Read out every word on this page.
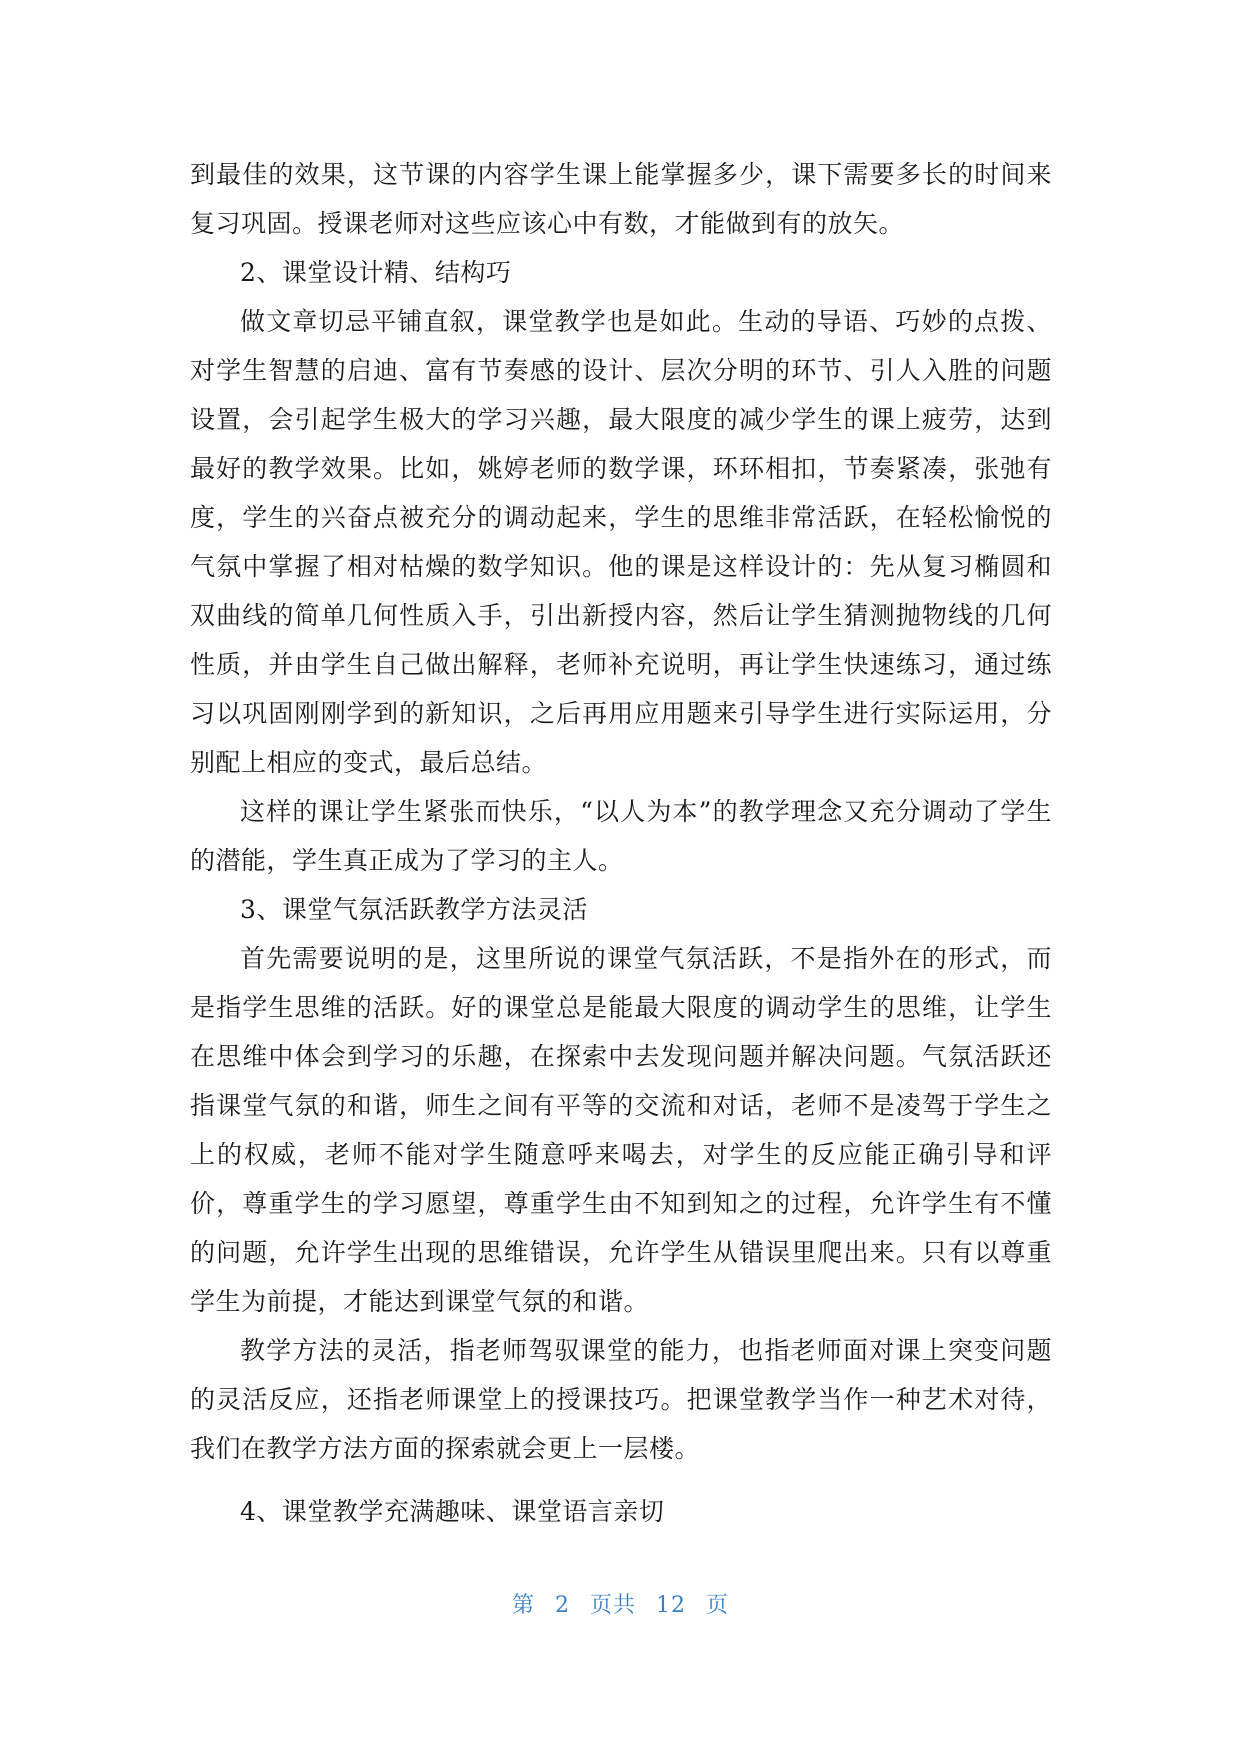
到最佳的效果，这节课的内容学生课上能掌握多少，课下需要多长的时间来复习巩固。授课老师对这些应该心中有数，才能做到有的放矢。

2、课堂设计精、结构巧

做文章切忌平铺直叙，课堂教学也是如此。生动的导语、巧妙的点拨、对学生智慧的启迪、富有节奏感的设计、层次分明的环节、引人入胜的问题设置，会引起学生极大的学习兴趣，最大限度的减少学生的课上疲劳，达到最好的教学效果。比如，姚婷老师的数学课，环环相扣，节奏紧凑，张弛有度，学生的兴奋点被充分的调动起来，学生的思维非常活跃，在轻松愉悦的气氛中掌握了相对枯燥的数学知识。他的课是这样设计的：先从复习椭圆和双曲线的简单几何性质入手，引出新授内容，然后让学生猜测抛物线的几何性质，并由学生自己做出解释，老师补充说明，再让学生快速练习，通过练习以巩固刚刚学到的新知识，之后再用应用题来引导学生进行实际运用，分别配上相应的变式，最后总结。

这样的课让学生紧张而快乐，“以人为本”的教学理念又充分调动了学生的潜能，学生真正成为了学习的主人。

3、课堂气氛活跃教学方法灵活

首先需要说明的是，这里所说的课堂气氛活跃，不是指外在的形式，而是指学生思维的活跃。好的课堂总是能最大限度的调动学生的思维，让学生在思维中体会到学习的乐趣，在探索中去发现问题并解决问题。气氛活跃还指课堂气氛的和谐，师生之间有平等的交流和对话，老师不是凌驾于学生之上的权威，老师不能对学生随意呼来喝去，对学生的反应能正确引导和评价，尊重学生的学习愿望，尊重学生由不知到知之的过程，允许学生有不懂的问题，允许学生出现的思维错误，允许学生从错误里爬出来。只有以尊重学生为前提，才能达到课堂气氛的和谐。

教学方法的灵活，指老师驾驭课堂的能力，也指老师面对课上突变问题的灵活反应，还指老师课堂上的授课技巧。把课堂教学当作一种艺术对待，我们在教学方法方面的探索就会更上一层楼。

4、课堂教学充满趣味、课堂语言亲切

第 2 页共 12 页
